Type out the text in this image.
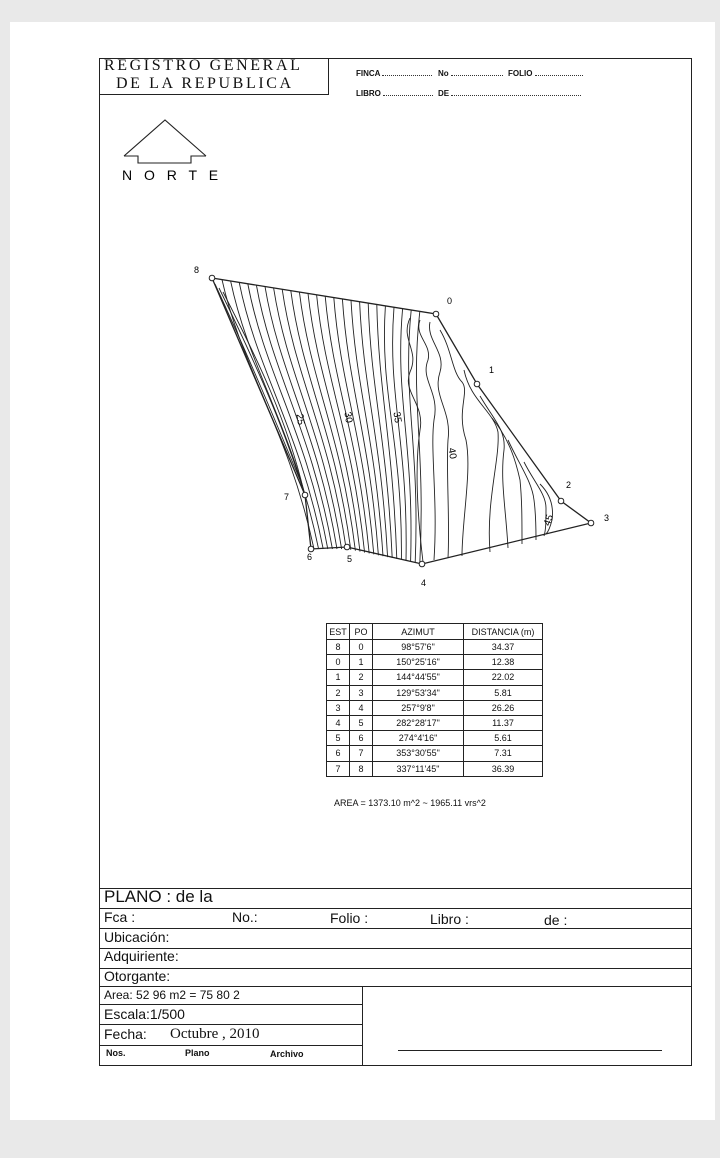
REGISTRO GENERAL
DE LA REPUBLICA
FINCA	No	FOLIO
LIBRO	DE
N O R T E
0
1
2
3
4
5
6
7
8
25	30	35
40
45
EST	PO	AZIMUT	DISTANCIA (m)
8	0	98°57'6"	34.37
0	1	150°25'16"	12.38
1	2	144°44'55"	22.02
2	3	129°53'34"	5.81
3	4	257°9'8"	26.26
4	5	282°28'17"	11.37
5	6	274°4'16"	5.61
6	7	353°30'55"	7.31
7	8	337°11'45"	36.39
AREA = 1373.10 m^2 ~ 1965.11 vrs^2
PLANO : de la
Fca :	No.:	Folio :	Libro :	de :
Ubicación:
Adquiriente:
Otorgante:
Area: 52 96 m2 = 75 80 2
Escala:1/500
Fecha: Octubre , 2010
Nos.	Plano	Archivo
